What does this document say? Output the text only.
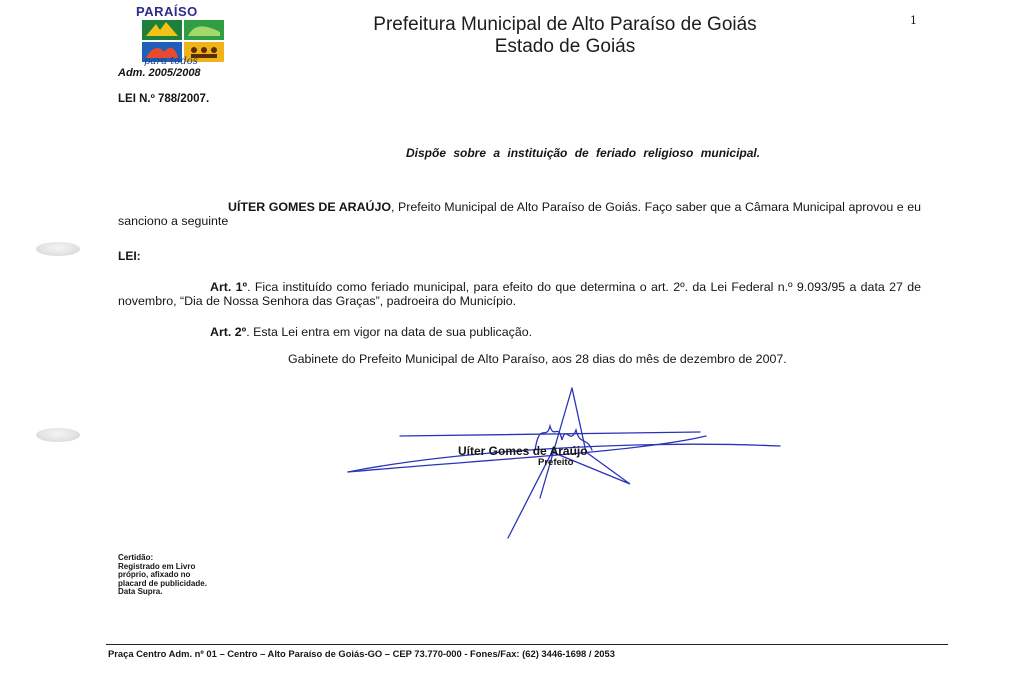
PARAÍSO
para todos
Adm. 2005/2008
Prefeitura Municipal de Alto Paraíso de Goiás
Estado de Goiás
1
LEI N.º 788/2007.
Dispõe sobre a instituição de feriado religioso municipal.
UÍTER GOMES DE ARAÚJO, Prefeito Municipal de Alto Paraíso de Goiás. Faço saber que a Câmara Municipal aprovou e eu sanciono a seguinte
LEI:
Art. 1º. Fica instituído como feriado municipal, para efeito do que determina o art. 2º. da Lei Federal n.º 9.093/95 a data 27 de novembro, “Dia de Nossa Senhora das Graças”, padroeira do Município.
Art. 2º. Esta Lei entra em vigor na data de sua publicação.
Gabinete do Prefeito Municipal de Alto Paraíso, aos 28 dias do mês de dezembro de 2007.
Uíter Gomes de Araújo
Prefeito
Certidão:
Registrado em Livro
próprio, afixado no
placard de publicidade.
Data Supra.
Praça Centro Adm. nº 01 – Centro – Alto Paraíso de Goiás-GO – CEP 73.770-000 - Fones/Fax: (62) 3446-1698 / 2053
